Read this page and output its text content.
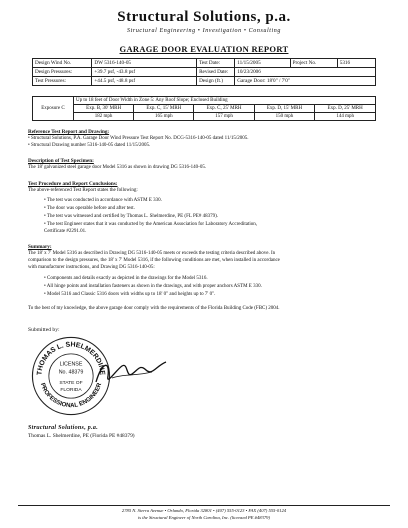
Structural Solutions, p.a.
Structural Engineering • Investigation • Consulting
GARAGE DOOR EVALUATION REPORT
Design Wind No.	DW 5316-140-05	Test Date:	11/15/2005	Project No.	5316
Design Pressures:	+39.7 psf, -43.8 psf	Revised Date:	10/23/2006		
Test Pressures:	+44.5 psf, -48.8 psf	Design (ft.)	Garage Door: 18'0" / 7'0"		
Exposure C	Up to 18 feet of Door Width in Zone 5: Any Roof Slope; Enclosed Building				
	Exp. B, 30' MRH	Exp. C, 15' MRH	Exp. C, 25' MRH	Exp. D, 15' MRH	Exp. D, 25' MRH
	182 mph	165 mph	157 mph	150 mph	144 mph
Reference Test Report and Drawing:
• Structural Solutions, P.A. Garage Door Wind Pressure Test Report No. DCG-5316-140-05 dated 11/15/2005.
• Structural Drawing number 5316-140-05 dated 11/15/2005.
Description of Test Specimen:
The 18' galvanized steel garage door Model 5316 as shown in drawing DG 5316-140-05.
Test Procedure and Report Conclusions:
The above-referenced Test Report states the following:
• The test was conducted in accordance with ASTM E 330.
• The door was operable before and after test.
• The test was witnessed and certified by Thomas L. Shelmerdine, PE (FL PE# 48379).
• The test Engineer states that it was conducted by the American Association for Laboratory Accreditation,
Certificate #2291.01.
Summary:
The 18' x 7' Model 5316 as described in Drawing DG 5316-140-05 meets or exceeds the testing criteria described above. In
comparison to the design pressures, the 18' x 7' Model 5316, if the following conditions are met, when installed in accordance
with manufacturer instructions, and Drawing DG 5316-140-05:
• Components and details exactly as depicted in the drawings for the Model 5316.
• All hinge points and installation fasteners as shown in the drawings, and with proper anchors ASTM E 330.
• Model 5316 and Classic 5316 doors with widths up to 18' 0" and heights up to 7' 0".
To the best of my knowledge, the above garage door comply with the requirements of the Florida Building Code (FBC) 2004.
Submitted by:
THOMAS L. SHELMERDINE
PROFESSIONAL ENGINEER
LICENSE
No. 48379
STATE OF
FLORIDA
Structural Solutions, p.a.
Thomas L. Shelmerdine, PE (Florida PE #48379)
2785 N. Sierra Avenue • Orlando, Florida 32801 • (407) 555-0123 • FAX (407) 555-0124
is the Structural Engineer of North Carolina, Inc. (licensed PE #48379)
